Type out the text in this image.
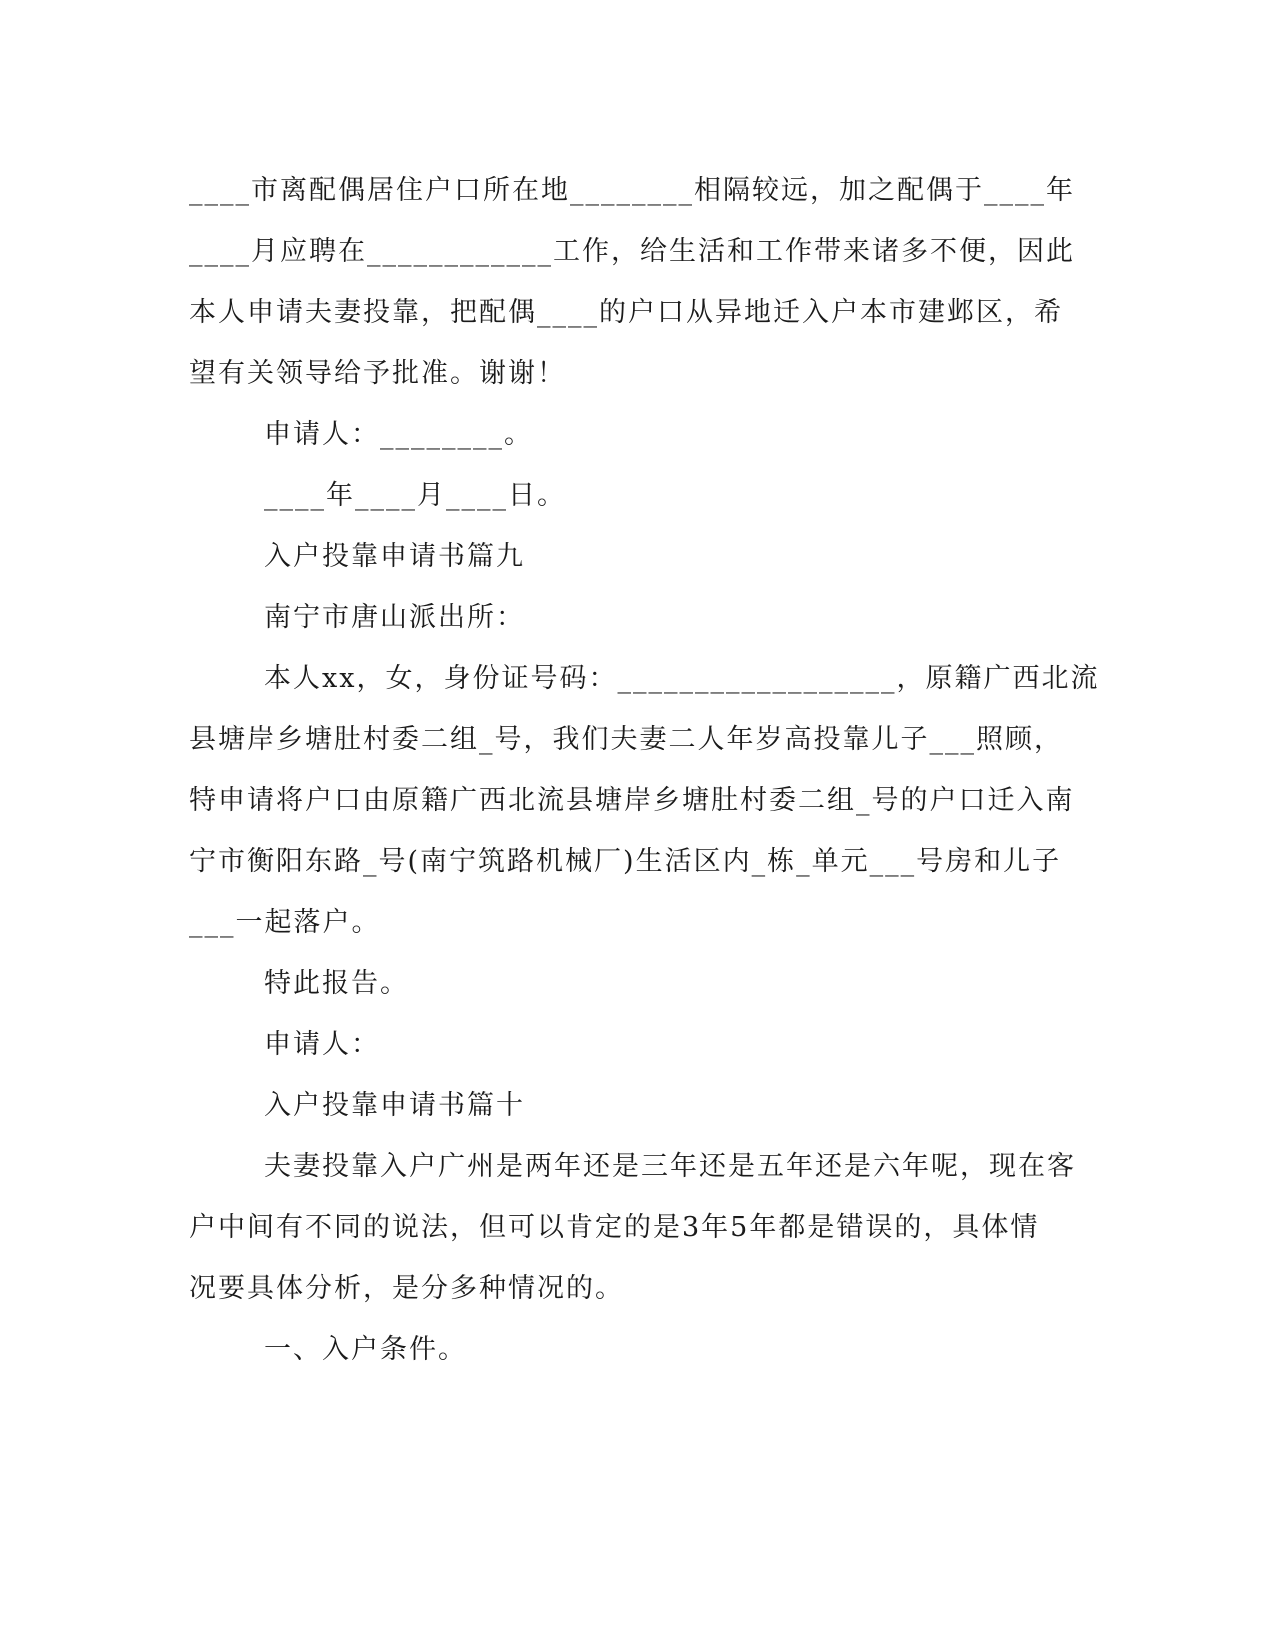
____市离配偶居住户口所在地________相隔较远，加之配偶于____年
____月应聘在____________工作，给生活和工作带来诸多不便，因此
本人申请夫妻投靠，把配偶____的户口从异地迁入户本市建邺区，希
望有关领导给予批准。谢谢！
申请人：________。
____年____月____日。
入户投靠申请书篇九
南宁市唐山派出所：
本人xx，女，身份证号码：__________________，原籍广西北流
县塘岸乡塘肚村委二组_号，我们夫妻二人年岁高投靠儿子___照顾，
特申请将户口由原籍广西北流县塘岸乡塘肚村委二组_号的户口迁入南
宁市衡阳东路_号(南宁筑路机械厂)生活区内_栋_单元___号房和儿子
___一起落户。
特此报告。
申请人：
入户投靠申请书篇十
夫妻投靠入户广州是两年还是三年还是五年还是六年呢，现在客
户中间有不同的说法，但可以肯定的是3年5年都是错误的，具体情
况要具体分析，是分多种情况的。
一、入户条件。
